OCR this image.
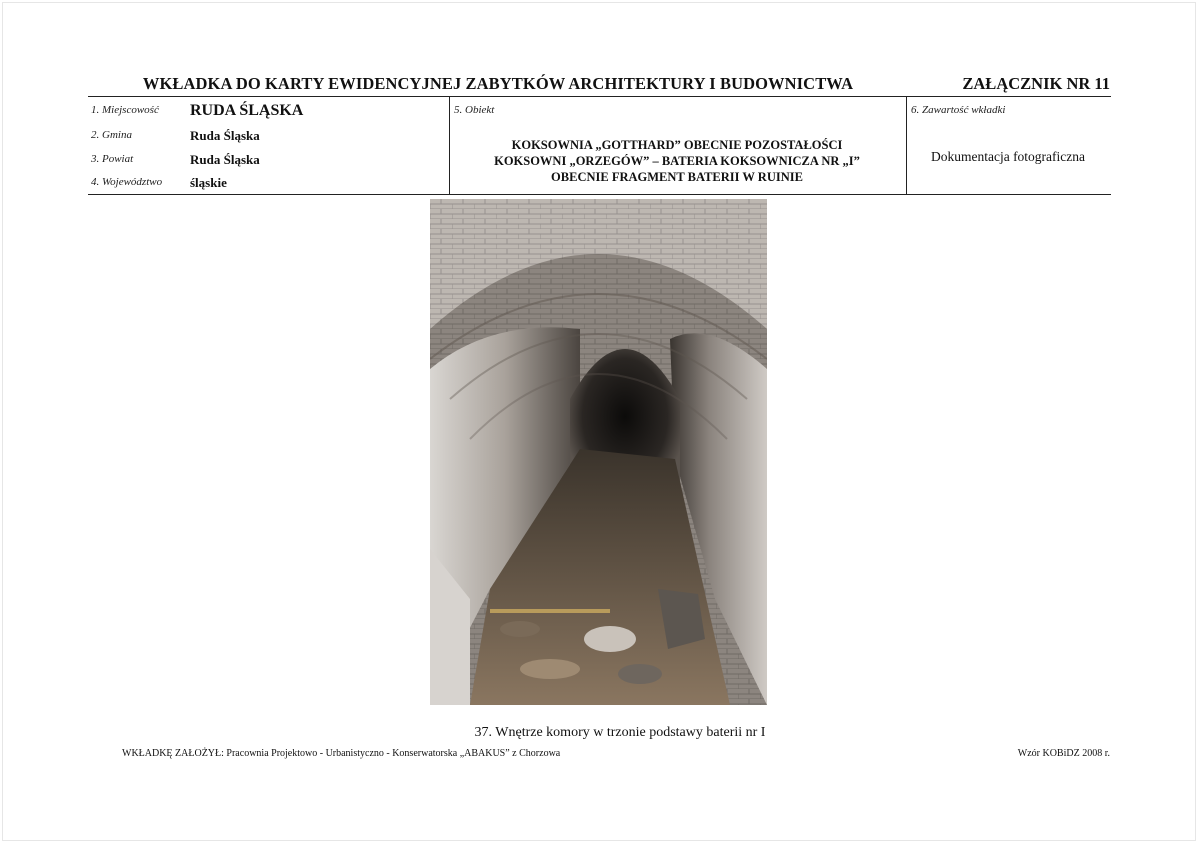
WKŁADKA DO KARTY EWIDENCYJNEJ ZABYTKÓW ARCHITEKTURY I BUDOWNICTWA	ZAŁĄCZNIK NR 11
1. Miejscowość RUDA ŚLĄSKA
2. Gmina	Ruda Śląska
3. Powiat	Ruda Śląska
4. Województwo śląskie
5. Obiekt
KOKSOWNIA „GOTTHARD” OBECNIE POZOSTAŁOŚCI
KOKSOWNI „ORZEGÓW” – BATERIA KOKSOWNICZA NR „I”
OBECNIE FRAGMENT BATERII W RUINIE
6. Zawartość wkładki
Dokumentacja fotograficzna
37. Wnętrze komory w trzonie podstawy baterii nr I
WKŁADKĘ ZAŁOŻYŁ: Pracownia Projektowo - Urbanistyczno - Konserwatorska „ABAKUS” z Chorzowa	Wzór KOBiDZ 2008 r.
